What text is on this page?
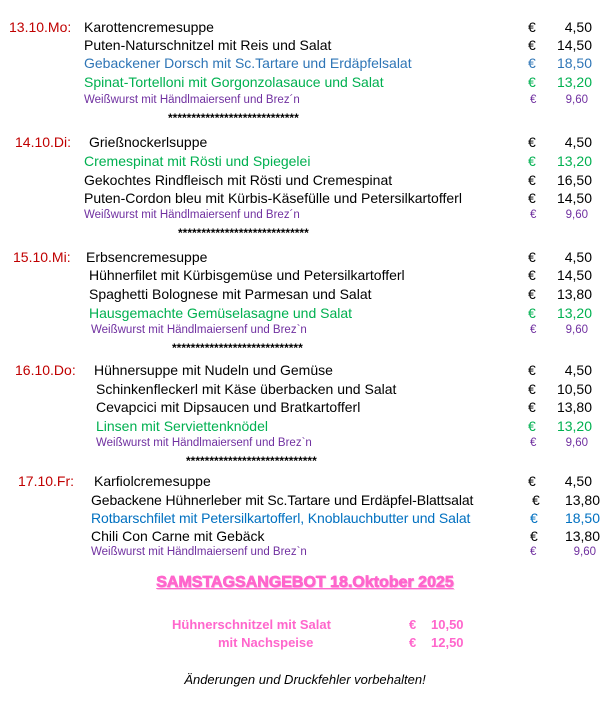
13.10.Mo: Karottencremesuppe	€ 4,50
Puten-Naturschnitzel mit Reis und Salat	€ 14,50
Gebackener Dorsch mit Sc.Tartare und Erdäpfelsalat	€ 18,50
Spinat-Tortelloni mit Gorgonzolasauce und Salat	€ 13,20
Weißwurst mit Händlmaiersenf und Brez´n	€	9,60
****************************
14.10.Di: Grießnockerlsuppe	€ 4,50
Cremespinat mit Rösti und Spiegelei	€ 13,20
Gekochtes Rindfleisch mit Rösti und Cremespinat	€ 16,50
Puten-Cordon bleu mit Kürbis-Käsefülle und Petersilkartofferl	€ 14,50
Weißwurst mit Händlmaiersenf und Brez´n	€	9,60
****************************
15.10.Mi: Erbsencremesuppe	€ 4,50
Hühnerfilet mit Kürbisgemüse und Petersilkartofferl	€ 14,50
Spaghetti Bolognese mit Parmesan und Salat	€ 13,80
Hausgemachte Gemüselasagne und Salat	€ 13,20
Weißwurst mit Händlmaiersenf und Brez`n	€	9,60
****************************
16.10.Do: Hühnersuppe mit Nudeln und Gemüse	€ 4,50
Schinkenfleckerl mit Käse überbacken und Salat	€ 10,50
Cevapcici mit Dipsaucen und Bratkartofferl	€ 13,80
Linsen mit Serviettenknödel	€ 13,20
Weißwurst mit Händlmaiersenf und Brez`n	€	9,60
****************************
17.10.Fr: Karfiolcremesuppe	€ 4,50
Gebackene Hühnerleber mit Sc.Tartare und Erdäpfel-Blattsalat	€ 13,80
Rotbarschfilet mit Petersilkartofferl, Knoblauchbutter und Salat	€ 18,50
Chili Con Carne mit Gebäck	€ 13,80
Weißwurst mit Händlmaiersenf und Brez`n	€	9,60
SAMSTAGSANGEBOT 18.Oktober 2025
Hühnerschnitzel mit Salat	€ 10,50
mit Nachspeise	€ 12,50
Änderungen und Druckfehler vorbehalten!
